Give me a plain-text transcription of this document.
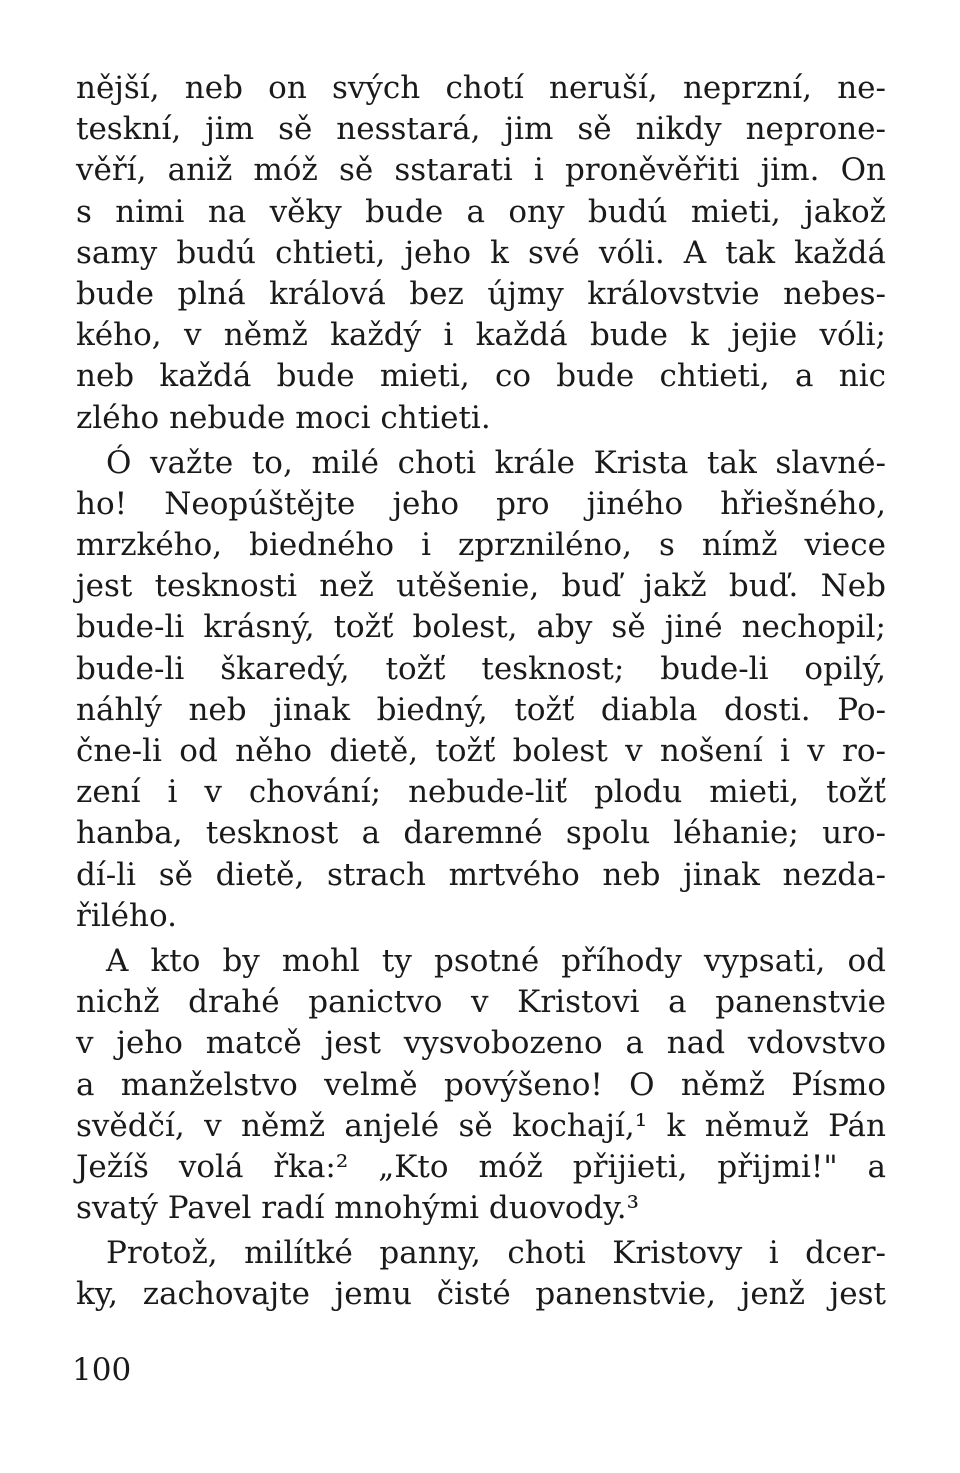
nější, neb on svých chotí neruší, neprzní, ne-
teskní, jim sě nesstará, jim sě nikdy neprone-
věří, aniž móž sě sstarati i proněvěřiti jim. On
s nimi na věky bude a ony budú mieti, jakož
samy budú chtieti, jeho k své vóli. A tak každá
bude plná králová bez újmy královstvie nebes-
kého, v němž každý i každá bude k jejie vóli;
neb každá bude mieti, co bude chtieti, a nic
zlého nebude moci chtieti.
Ó važte to, milé choti krále Krista tak slavné-
ho! Neopúštějte jeho pro jiného hřiešného,
mrzkého, biedného i zprzniléno, s nímž viece
jest tesknosti než utěšenie, buď jakž buď. Neb
bude-li krásný, tožť bolest, aby sě jiné nechopil;
bude-li škaredý, tožť tesknost; bude-li opilý,
náhlý neb jinak biedný, tožť diabla dosti. Po-
čne-li od něho dietě, tožť bolest v nošení i v ro-
zení i v chování; nebude-liť plodu mieti, tožť
hanba, tesknost a daremné spolu léhanie; uro-
dí-li sě dietě, strach mrtvého neb jinak nezda-
řilého.
A kto by mohl ty psotné příhody vypsati, od
nichž drahé panictvo v Kristovi a panenstvie
v jeho matcě jest vysvobozeno a nad vdovstvo
a manželstvo velmě povýšeno! O němž Písmo
svědčí, v němž anjelé sě kochají,¹ k němuž Pán
Ježíš volá řka:² „Kto móž přijieti, přijmi!" a
svatý Pavel radí mnohými duovody.³
Protož, milítké panny, choti Kristovy i dcer-
ky, zachovajte jemu čisté panenstvie, jenž jest
100
